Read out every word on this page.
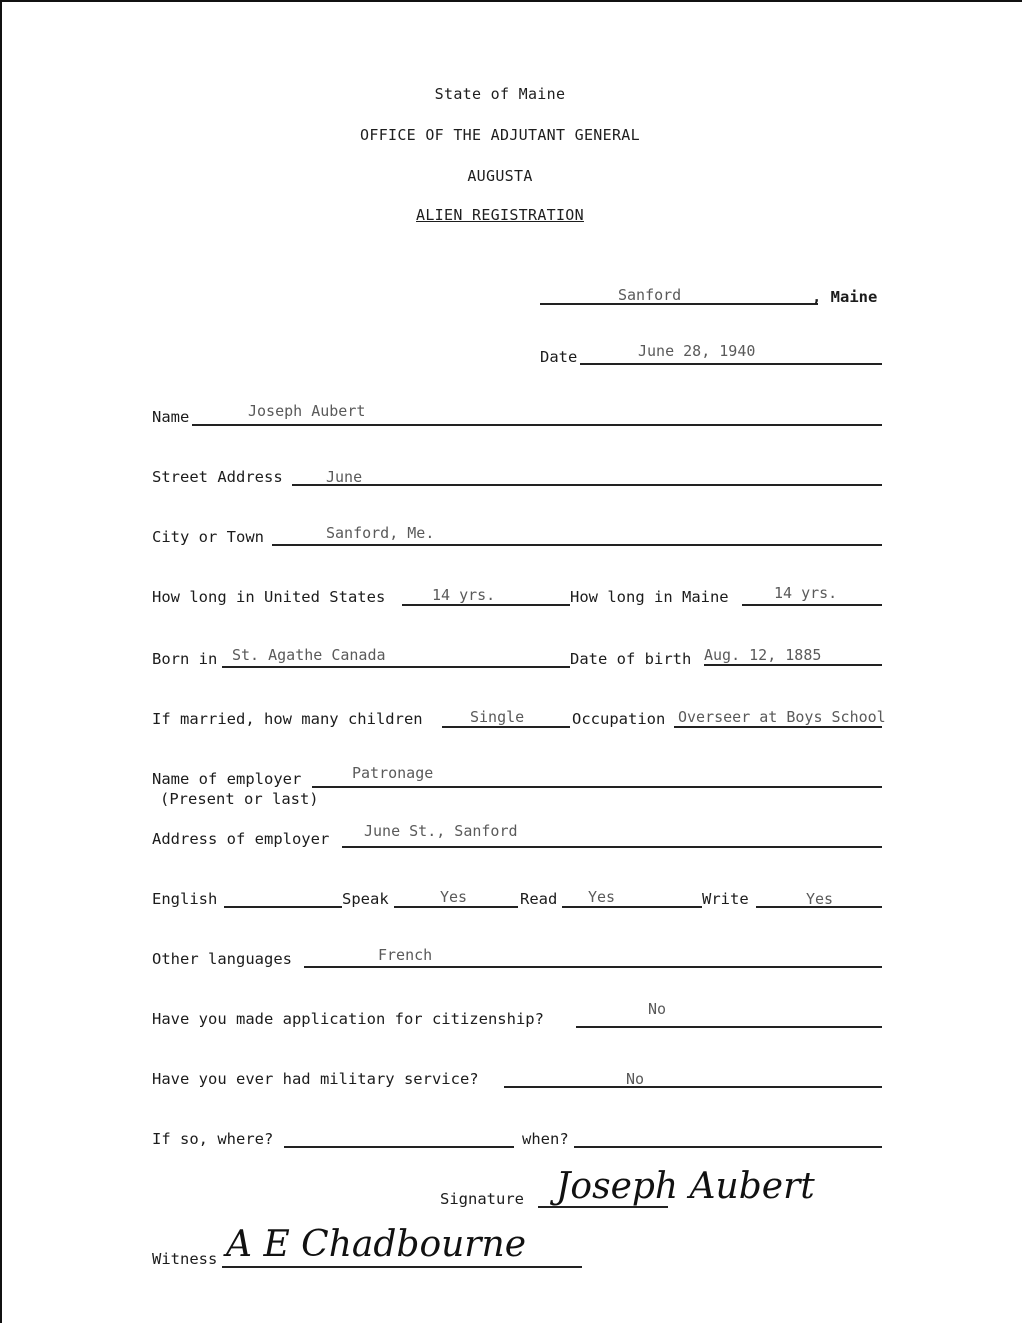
State of Maine
OFFICE OF THE ADJUTANT GENERAL
AUGUSTA
ALIEN REGISTRATION
Sanford	, Maine
Date	June 28, 1940
Name	Joseph Aubert
Street Address	June
City or Town	Sanford, Me.
How long in United States	14 yrs.	How long in Maine	14 yrs.
Born in St. Agathe Canada	Date of birth Aug. 12, 1885
If married, how many children	Single	Occupation Overseer at Boys School
Name of employer
(Present or last)
Patronage
Address of employer June St., Sanford
English	Speak	Yes	Read Yes	Write	Yes
Other languages	French
Have you made application for citizenship?
No
Have you ever had military service?	No
If so, where?	when?
Signature Joseph Aubert
Witness A E Chadbourne
